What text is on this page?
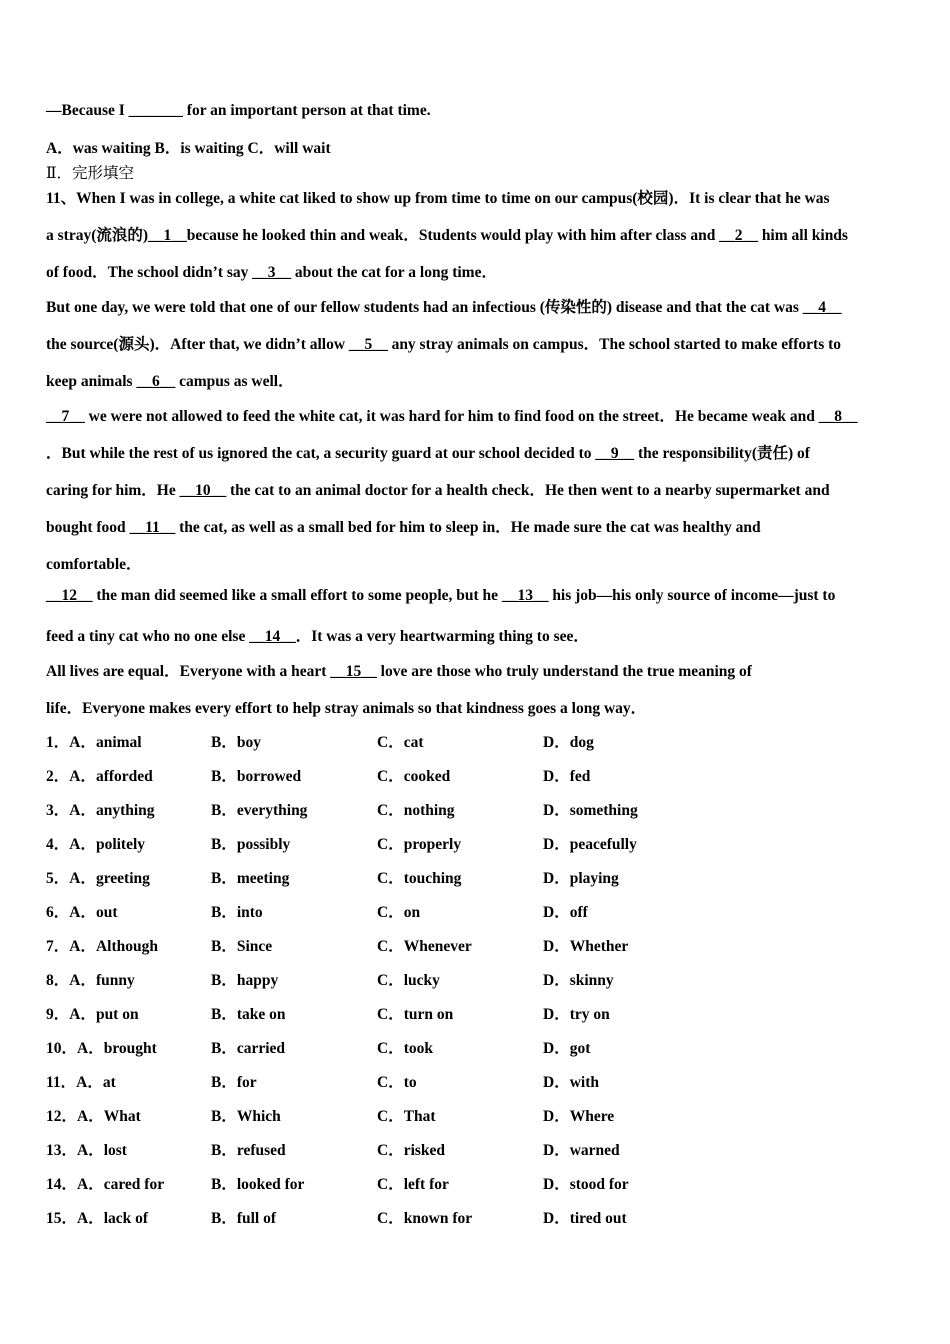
—Because I _______ for an important person at that time.
A．was waiting B．is waiting C．will wait
Ⅱ．完形填空
11、When I was in college, a white cat liked to show up from time to time on our campus(校园)．It is clear that he was
a stray(流浪的)__1__because he looked thin and weak．Students would play with him after class and __2__ him all kinds
of food．The school didn’t say __3__ about the cat for a long time．
But one day, we were told that one of our fellow students had an infectious (传染性的) disease and that the cat was __4__
the source(源头)．After that, we didn’t allow __5__ any stray animals on campus．The school started to make efforts to
keep animals __6__ campus as well．
__7__ we were not allowed to feed the white cat, it was hard for him to find food on the street．He became weak and __8__
．But while the rest of us ignored the cat, a security guard at our school decided to __9__ the responsibility(责任) of
caring for him．He __10__ the cat to an animal doctor for a health check．He then went to a nearby supermarket and
bought food __11__ the cat, as well as a small bed for him to sleep in．He made sure the cat was healthy and
comfortable．
__12__ the man did seemed like a small effort to some people, but he __13__ his job—his only source of income—just to
feed a tiny cat who no one else __14__．It was a very heartwarming thing to see．
All lives are equal．Everyone with a heart __15__ love are those who truly understand the true meaning of
life．Everyone makes every effort to help stray animals so that kindness goes a long way．
1．A．animal	B．boy	C．cat	D．dog
2．A．afforded	B．borrowed	C．cooked	D．fed
3．A．anything	B．everything	C．nothing	D．something
4．A．politely	B．possibly	C．properly	D．peacefully
5．A．greeting	B．meeting	C．touching	D．playing
6．A．out	B．into	C．on	D．off
7．A．Although	B．Since	C．Whenever	D．Whether
8．A．funny	B．happy	C．lucky	D．skinny
9．A．put on	B．take on	C．turn on	D．try on
10．A．brought	B．carried	C．took	D．got
11．A．at	B．for	C．to	D．with
12．A．What	B．Which	C．That	D．Where
13．A．lost	B．refused	C．risked	D．warned
14．A．cared for	B．looked for	C．left for	D．stood for
15．A．lack of	B．full of	C．known for	D．tired out
